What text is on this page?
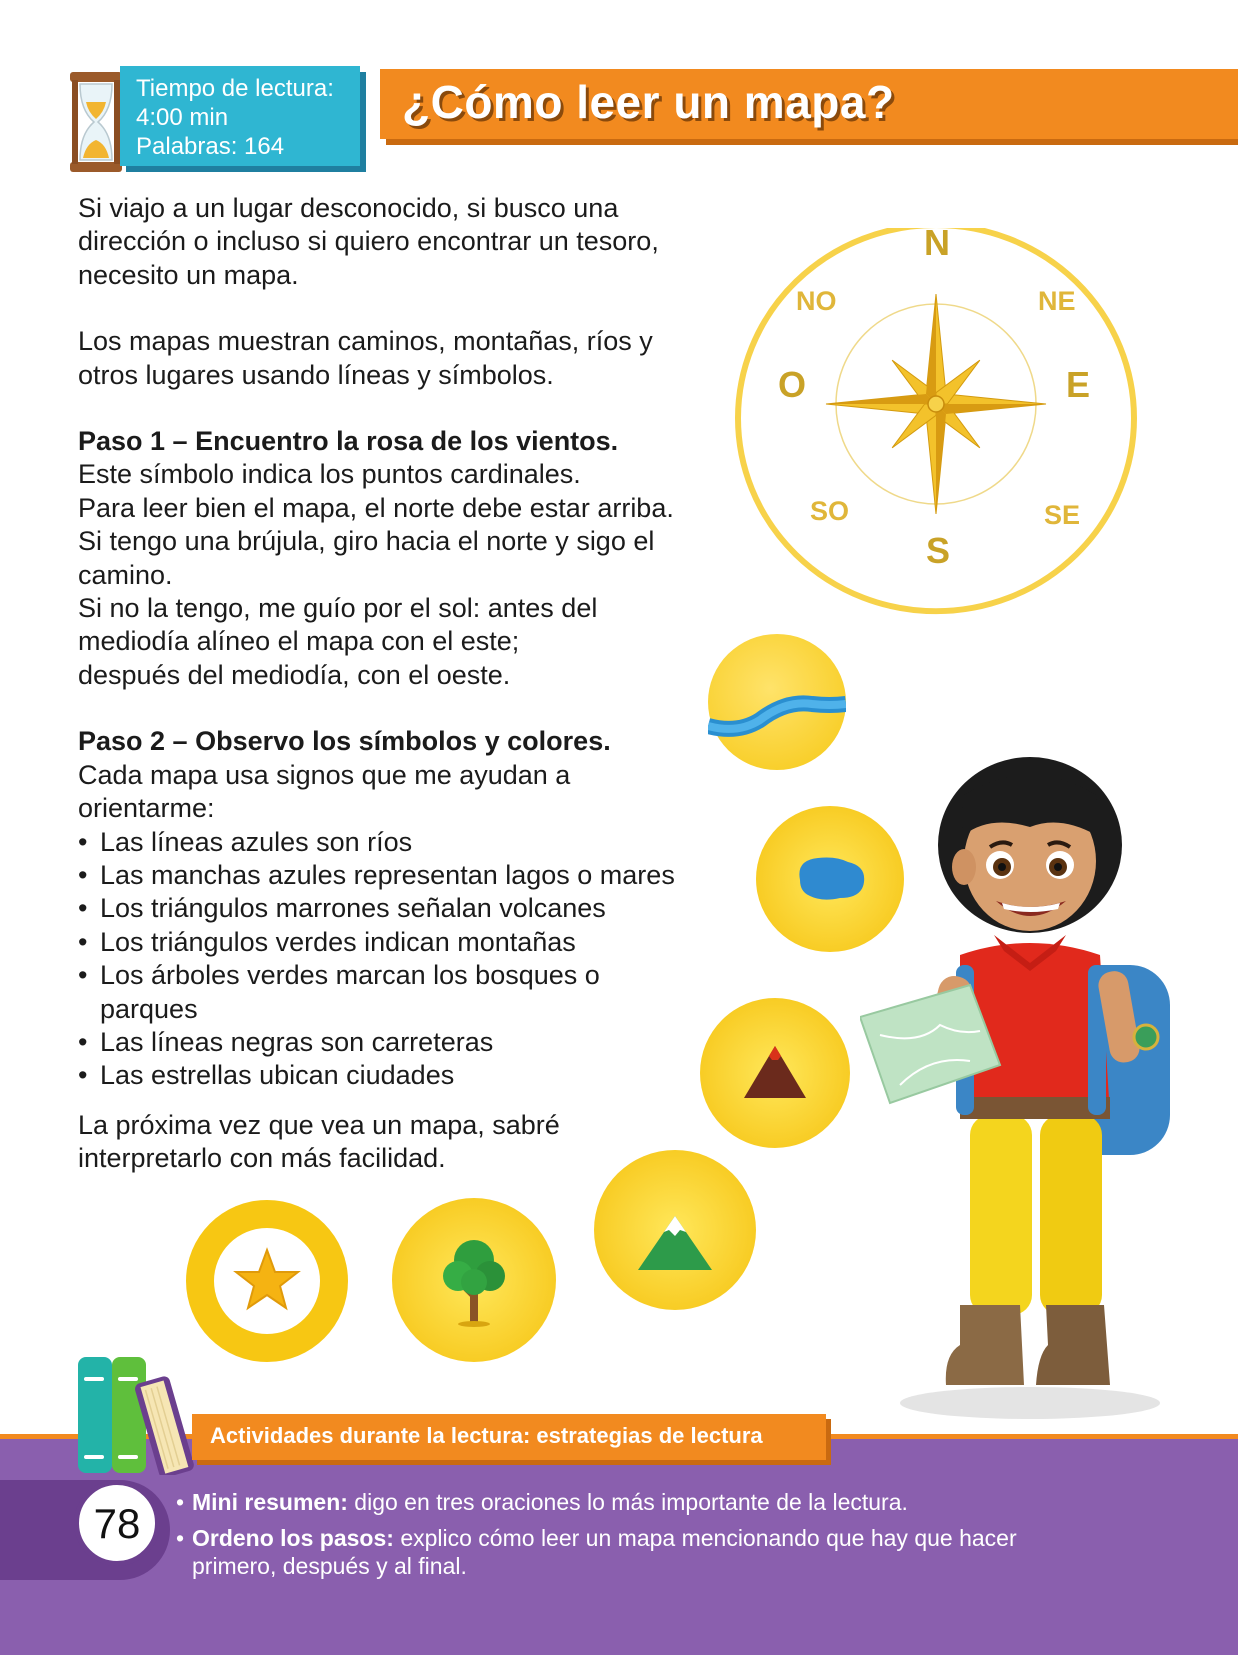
Tiempo de lectura:
4:00 min
Palabras: 164
¿Cómo leer un mapa?

Si viajo a un lugar desconocido, si busco una dirección o incluso si quiero encontrar un tesoro, necesito un mapa.

Los mapas muestran caminos, montañas, ríos y otros lugares usando líneas y símbolos.

Paso 1 – Encuentro la rosa de los vientos.

Este símbolo indica los puntos cardinales.

Para leer bien el mapa, el norte debe estar arriba.

Si tengo una brújula, giro hacia el norte y sigo el camino.

Si no la tengo, me guío por el sol: antes del mediodía alíneo el mapa con el este;

después del mediodía, con el oeste.

Paso 2 – Observo los símbolos y colores.

Cada mapa usa signos que me ayudan a orientarme:

• Las líneas azules son ríos
• Las manchas azules representan lagos o mares
• Los triángulos marrones señalan volcanes
• Los triángulos verdes indican montañas
• Los árboles verdes marcan los bosques o parques
• Las líneas negras son carreteras
• Las estrellas ubican ciudades

La próxima vez que vea un mapa, sabré interpretarlo con más facilidad.

N
S
E
O
NE
NO
SE
SO
Actividades durante la lectura: estrategias de lectura
78
•	Mini resumen: digo en tres oraciones lo más importante de la lectura.
• Ordeno los pasos: explico cómo leer un mapa mencionando que hay que hacer primero, después y al final.
